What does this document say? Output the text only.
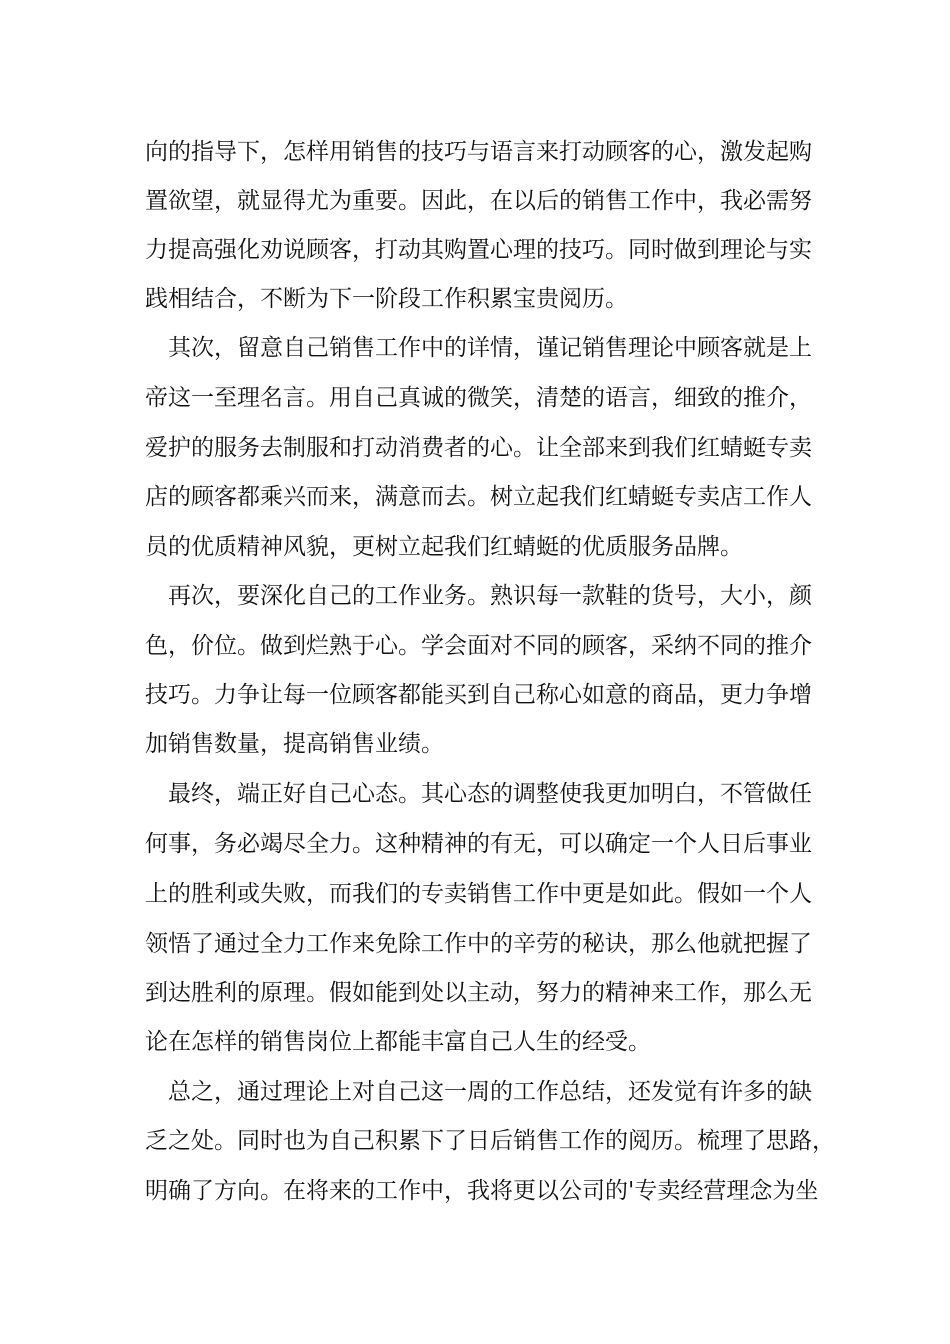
向的指导下，怎样用销售的技巧与语言来打动顾客的心，激发起购
置欲望，就显得尤为重要。因此，在以后的销售工作中，我必需努
力提高强化劝说顾客，打动其购置心理的技巧。同时做到理论与实
践相结合，不断为下一阶段工作积累宝贵阅历。
其次，留意自己销售工作中的详情，谨记销售理论中顾客就是上
帝这一至理名言。用自己真诚的微笑，清楚的语言，细致的推介，
爱护的服务去制服和打动消费者的心。让全部来到我们红蜻蜓专卖
店的顾客都乘兴而来，满意而去。树立起我们红蜻蜓专卖店工作人
员的优质精神风貌，更树立起我们红蜻蜓的优质服务品牌。
再次，要深化自己的工作业务。熟识每一款鞋的货号，大小，颜
色，价位。做到烂熟于心。学会面对不同的顾客，采纳不同的推介
技巧。力争让每一位顾客都能买到自己称心如意的商品，更力争增
加销售数量，提高销售业绩。
最终，端正好自己心态。其心态的调整使我更加明白，不管做任
何事，务必竭尽全力。这种精神的有无，可以确定一个人日后事业
上的胜利或失败，而我们的专卖销售工作中更是如此。假如一个人
领悟了通过全力工作来免除工作中的辛劳的秘诀，那么他就把握了
到达胜利的原理。假如能到处以主动，努力的精神来工作，那么无
论在怎样的销售岗位上都能丰富自己人生的经受。
总之，通过理论上对自己这一周的工作总结，还发觉有许多的缺
乏之处。同时也为自己积累下了日后销售工作的阅历。梳理了思路，
明确了方向。在将来的工作中，我将更以公司的'专卖经营理念为坐
